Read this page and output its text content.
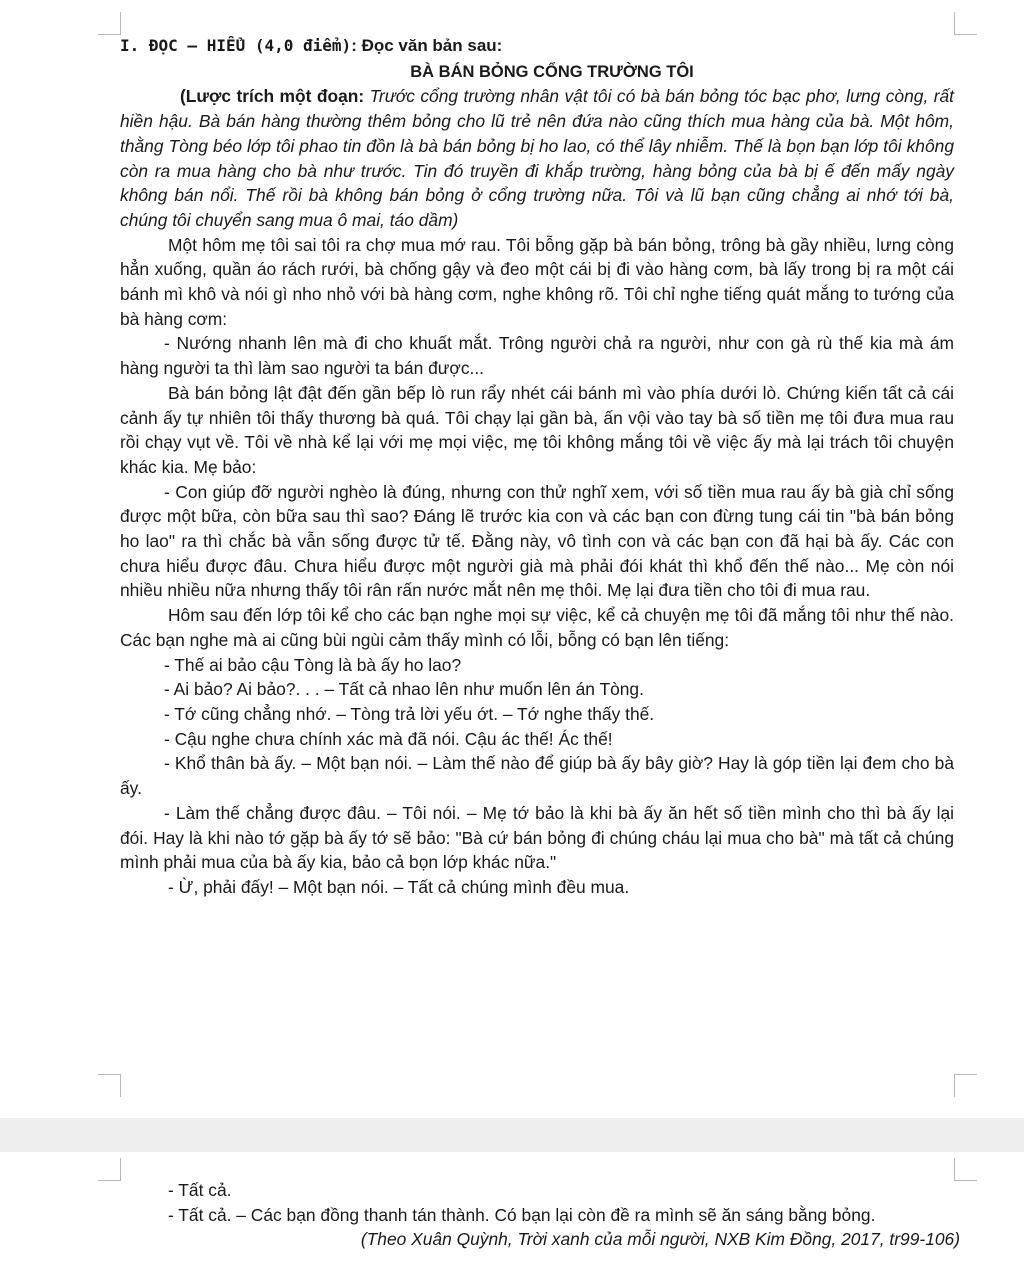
I. ĐỌC – HIỂU (4,0 điểm): Đọc văn bản sau:

BÀ BÁN BỎNG CỔNG TRƯỜNG TÔI

(Lược trích một đoạn: Trước cổng trường nhân vật tôi có bà bán bỏng tóc bạc phơ, lưng còng, rất hiền hậu. Bà bán hàng thường thêm bỏng cho lũ trẻ nên đứa nào cũng thích mua hàng của bà. Một hôm, thằng Tòng béo lớp tôi phao tin đồn là bà bán bỏng bị ho lao, có thể lây nhiễm. Thế là bọn bạn lớp tôi không còn ra mua hàng cho bà như trước. Tin đó truyền đi khắp trường, hàng bỏng của bà bị ế đến mấy ngày không bán nổi. Thế rồi bà không bán bỏng ở cổng trường nữa. Tôi và lũ bạn cũng chẳng ai nhớ tới bà, chúng tôi chuyển sang mua ô mai, táo dầm)

Một hôm mẹ tôi sai tôi ra chợ mua mớ rau. Tôi bỗng gặp bà bán bỏng, trông bà gầy nhiều, lưng còng hẳn xuống, quần áo rách rưới, bà chống gậy và đeo một cái bị đi vào hàng cơm, bà lấy trong bị ra một cái bánh mì khô và nói gì nho nhỏ với bà hàng cơm, nghe không rõ. Tôi chỉ nghe tiếng quát mắng to tướng của bà hàng cơm:

- Nướng nhanh lên mà đi cho khuất mắt. Trông người chả ra người, như con gà rù thế kia mà ám hàng người ta thì làm sao người ta bán được...

Bà bán bỏng lật đật đến gần bếp lò run rẩy nhét cái bánh mì vào phía dưới lò. Chứng kiến tất cả cái cảnh ấy tự nhiên tôi thấy thương bà quá. Tôi chạy lại gần bà, ấn vội vào tay bà số tiền mẹ tôi đưa mua rau rồi chạy vụt về. Tôi về nhà kể lại với mẹ mọi việc, mẹ tôi không mắng tôi về việc ấy mà lại trách tôi chuyện khác kia. Mẹ bảo:

- Con giúp đỡ người nghèo là đúng, nhưng con thử nghĩ xem, với số tiền mua rau ấy bà già chỉ sống được một bữa, còn bữa sau thì sao? Đáng lẽ trước kia con và các bạn con đừng tung cái tin "bà bán bỏng ho lao" ra thì chắc bà vẫn sống được tử tế. Đằng này, vô tình con và các bạn con đã hại bà ấy. Các con chưa hiểu được đâu. Chưa hiểu được một người già mà phải đói khát thì khổ đến thế nào... Mẹ còn nói nhiều nhiều nữa nhưng thấy tôi rân rấn nước mắt nên mẹ thôi. Mẹ lại đưa tiền cho tôi đi mua rau.

Hôm sau đến lớp tôi kể cho các bạn nghe mọi sự việc, kể cả chuyện mẹ tôi đã mắng tôi như thế nào. Các bạn nghe mà ai cũng bùi ngùi cảm thấy mình có lỗi, bỗng có bạn lên tiếng:

- Thế ai bảo cậu Tòng là bà ấy ho lao?

- Ai bảo? Ai bảo?. . . – Tất cả nhao lên như muốn lên án Tòng.

- Tớ cũng chẳng nhớ. – Tòng trả lời yếu ớt. – Tớ nghe thấy thế.

- Cậu nghe chưa chính xác mà đã nói. Cậu ác thế! Ác thế!

- Khổ thân bà ấy. – Một bạn nói. – Làm thế nào để giúp bà ấy bây giờ? Hay là góp tiền lại đem cho bà ấy.

- Làm thế chẳng được đâu. – Tôi nói. – Mẹ tớ bảo là khi bà ấy ăn hết số tiền mình cho thì bà ấy lại đói. Hay là khi nào tớ gặp bà ấy tớ sẽ bảo: "Bà cứ bán bỏng đi chúng cháu lại mua cho bà" mà tất cả chúng mình phải mua của bà ấy kia, bảo cả bọn lớp khác nữa."

- Ừ, phải đấy! – Một bạn nói. – Tất cả chúng mình đều mua.

- Tất cả.

- Tất cả. – Các bạn đồng thanh tán thành. Có bạn lại còn đề ra mình sẽ ăn sáng bằng bỏng.

(Theo Xuân Quỳnh, Trời xanh của mỗi người, NXB Kim Đồng, 2017, tr99-106)
